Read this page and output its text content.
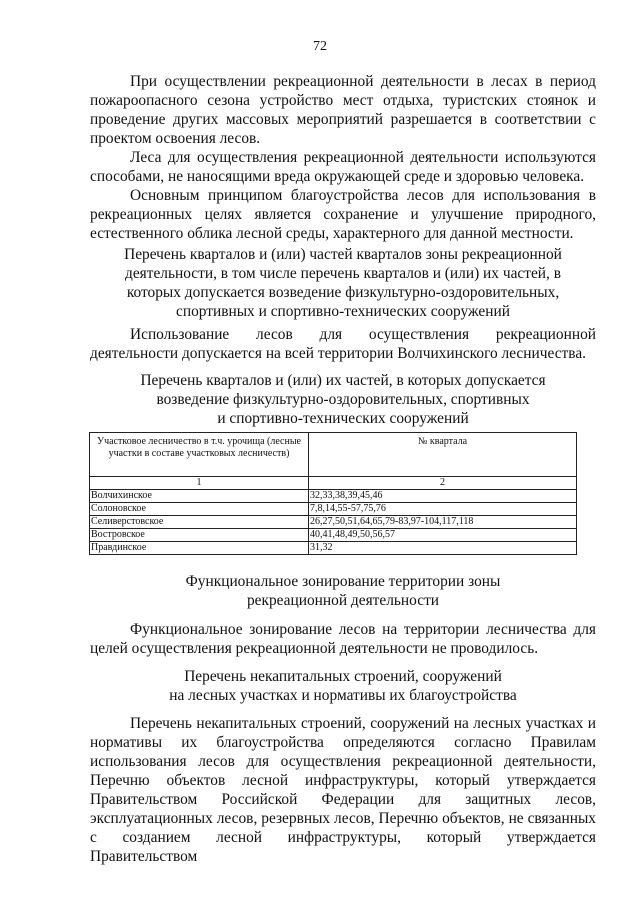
72

При осуществлении рекреационной деятельности в лесах в период пожароопасного сезона устройство мест отдыха, туристских стоянок и проведение других массовых мероприятий разрешается в соответствии с проектом освоения лесов.

Леса для осуществления рекреационной деятельности используются способами, не наносящими вреда окружающей среде и здоровью человека.

Основным принципом благоустройства лесов для использования в рекреационных целях является сохранение и улучшение природного, естественного облика лесной среды, характерного для данной местности.

Перечень кварталов и (или) частей кварталов зоны рекреационной
деятельности, в том числе перечень кварталов и (или) их частей, в
которых допускается возведение физкультурно-оздоровительных,
спортивных и спортивно-технических сооружений

Использование лесов для осуществления рекреационной деятельности допускается на всей территории Волчихинского лесничества.

Перечень кварталов и (или) их частей, в которых допускается
возведение физкультурно-оздоровительных, спортивных
и спортивно-технических сооружений
Участковое лесничество в т.ч. урочища (лесные участки в составе участковых лесничеств)	№ квартала
1	2
Волчихинское	32,33,38,39,45,46
Солоновское	7,8,14,55-57,75,76
Селиверстовское	26,27,50,51,64,65,79-83,97-104,117,118
Востровское	40,41,48,49,50,56,57
Правдинское	31,32

Функциональное зонирование территории зоны
рекреационной деятельности

Функциональное зонирование лесов на территории лесничества для целей осуществления рекреационной деятельности не проводилось.

Перечень некапитальных строений, сооружений
на лесных участках и нормативы их благоустройства

Перечень некапитальных строений, сооружений на лесных участках и нормативы их благоустройства определяются согласно Правилам использования лесов для осуществления рекреационной деятельности, Перечню объектов лесной инфраструктуры, который утверждается Правительством Российской Федерации для защитных лесов, эксплуатационных лесов, резервных лесов, Перечню объектов, не связанных с созданием лесной инфраструктуры, который утверждается Правительством
